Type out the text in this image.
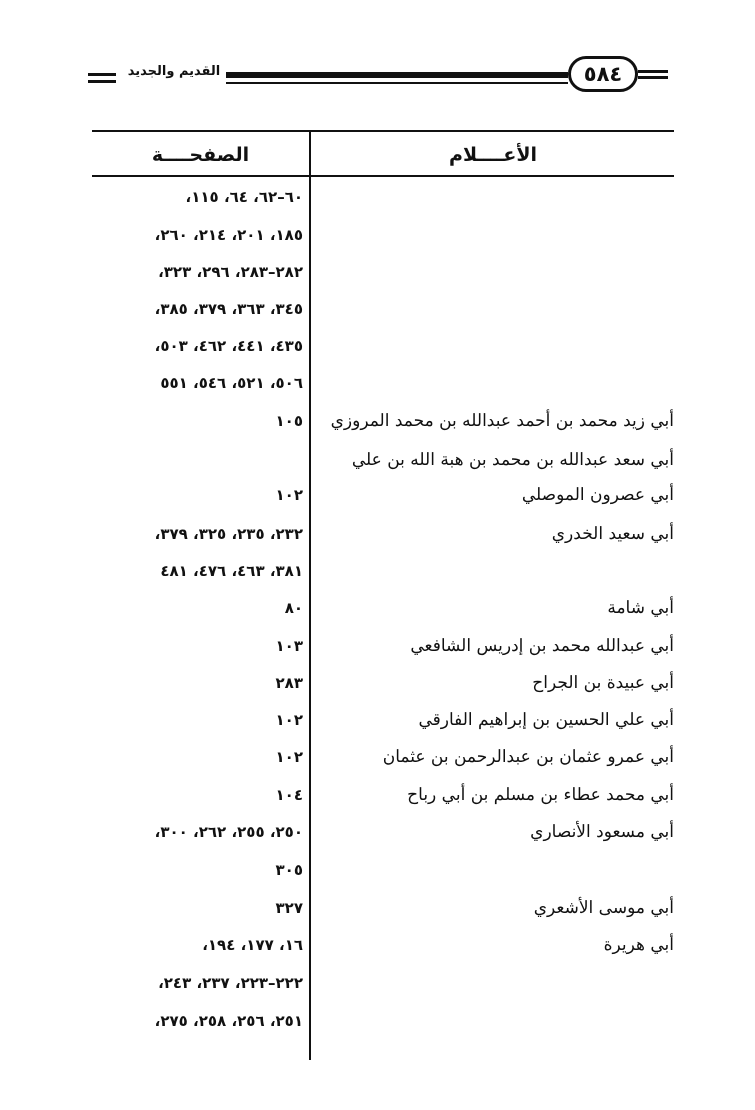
القديم والجديد	٥٨٤
الأعــــلام
الصفحــــة
٦٠–٦٢، ٦٤، ١١٥،
١٨٥، ٢٠١، ٢١٤، ٢٦٠،
٢٨٢–٢٨٣، ٢٩٦، ٣٢٣،
٣٤٥، ٣٦٣، ٣٧٩، ٣٨٥،
٤٣٥، ٤٤١، ٤٦٢، ٥٠٣،
٥٠٦، ٥٢١، ٥٤٦، ٥٥١
أبي زيد محمد بن أحمد عبدالله بن محمد المروزي
١٠٥
أبي سعد عبدالله بن محمد بن هبة الله بن علي
أبي عصرون الموصلي
١٠٢
أبي سعيد الخدري
٢٣٢، ٢٣٥، ٣٢٥، ٣٧٩،
٣٨١، ٤٦٣، ٤٧٦، ٤٨١
أبي شامة
٨٠
أبي عبدالله محمد بن إدريس الشافعي
١٠٣
أبي عبيدة بن الجراح
٢٨٣
أبي علي الحسين بن إبراهيم الفارقي
١٠٢
أبي عمرو عثمان بن عبدالرحمن بن عثمان
١٠٢
أبي محمد عطاء بن مسلم بن أبي رباح
١٠٤
أبي مسعود الأنصاري
٢٥٠، ٢٥٥، ٢٦٢، ٣٠٠،
٣٠٥
أبي موسى الأشعري
٣٢٧
أبي هريرة
١٦، ١٧٧، ١٩٤،
٢٢٢–٢٢٣، ٢٣٧، ٢٤٣،
٢٥١، ٢٥٦، ٢٥٨، ٢٧٥،
